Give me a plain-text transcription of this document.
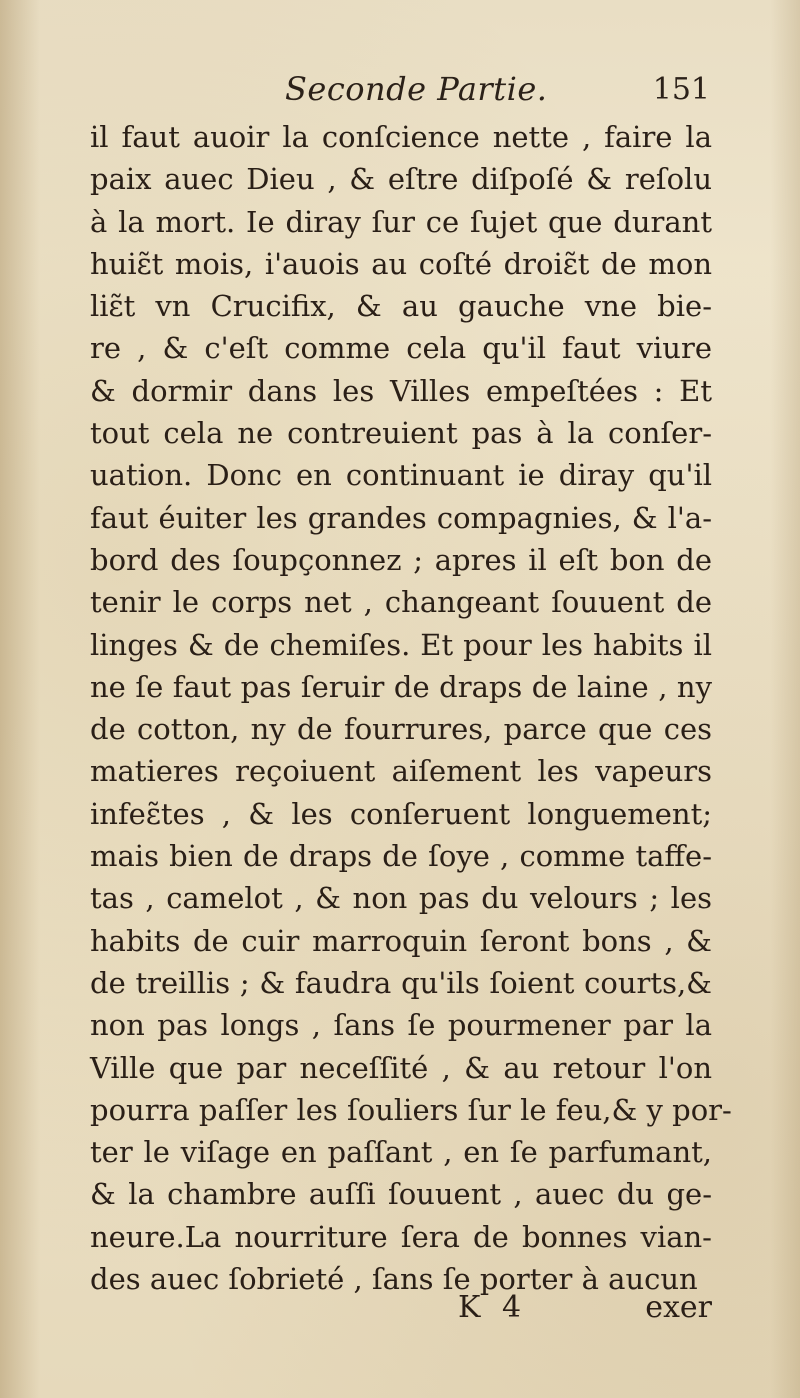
Seconde Partie.	151
il faut auoir la conſcience nette , faire la
paix auec Dieu , & eſtre diſpoſé & reſolu
à la mort. Ie diray ſur ce ſujet que durant
huiɛ̃t mois, i'auois au coſté droiɛ̃t de mon
liɛ̃t vn Crucifix, & au gauche vne bie-
re , & c'eſt comme cela qu'il faut viure
& dormir dans les Villes empeſtées : Et
tout cela ne contreuient pas à la conſer-
uation. Donc en continuant ie diray qu'il
faut éuiter les grandes compagnies, & l'a-
bord des ſoupçonnez ; apres il eſt bon de
tenir le corps net , changeant ſouuent de
linges & de chemiſes. Et pour les habits il
ne ſe faut pas ſeruir de draps de laine , ny
de cotton, ny de fourrures, parce que ces
matieres reçoiuent aiſement les vapeurs
infeɛ̃tes , & les conſeruent longuement;
mais bien de draps de ſoye , comme taffe-
tas , camelot , & non pas du velours ; les
habits de cuir marroquin ſeront bons , &
de treillis ; & faudra qu'ils ſoient courts,&
non pas longs , ſans ſe pourmener par la
Ville que par neceſſité , & au retour l'on
pourra paſſer les ſouliers ſur le feu,& y por-
ter le viſage en paſſant , en ſe parfumant,
& la chambre auſſi ſouuent , auec du ge-
neure.La nourriture ſera de bonnes vian-
des auec ſobrieté , ſans ſe porter à aucun
K 4	exer
